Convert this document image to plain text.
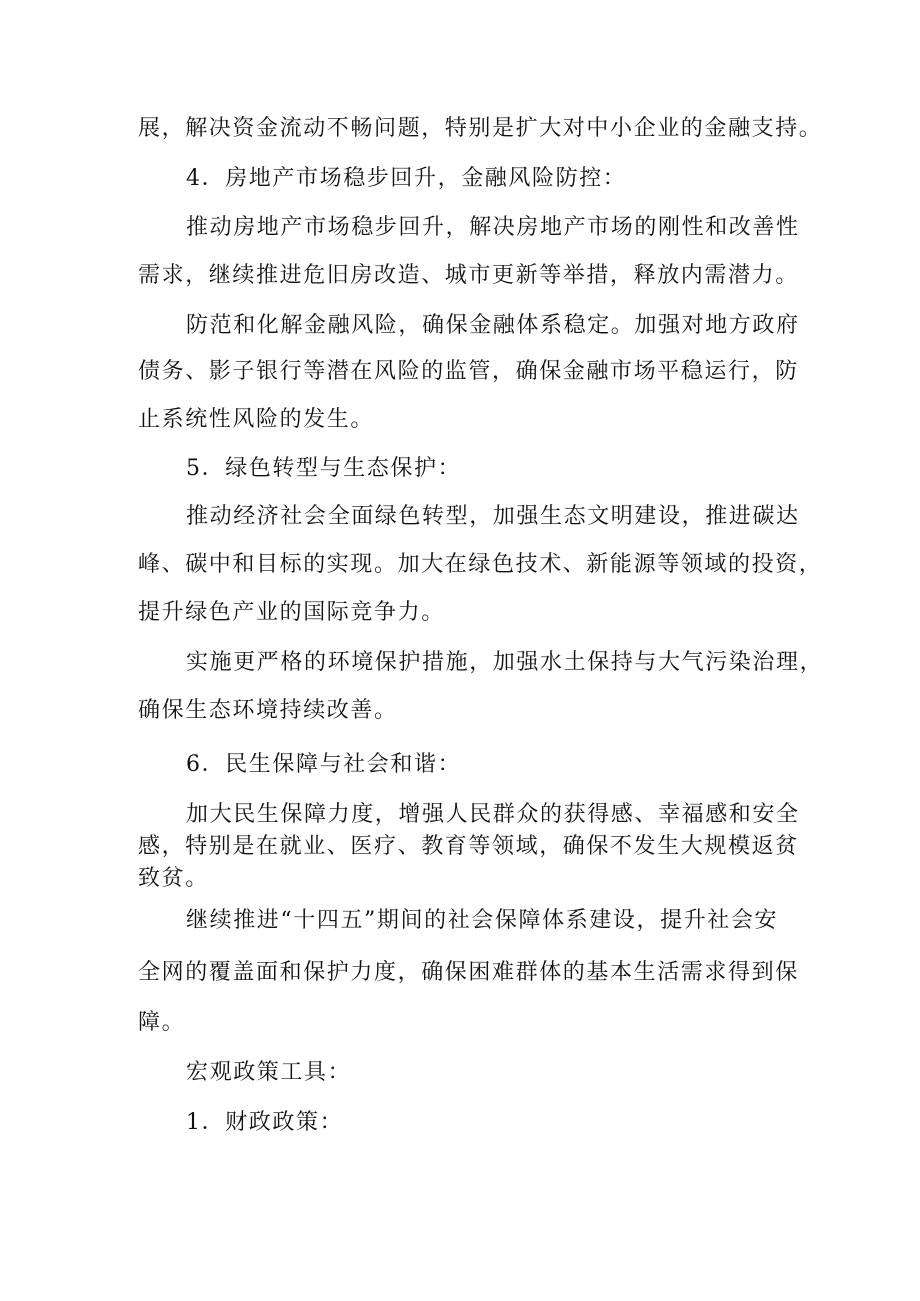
展，解决资金流动不畅问题，特别是扩大对中小企业的金融支持。
4．房地产市场稳步回升，金融风险防控：
推动房地产市场稳步回升，解决房地产市场的刚性和改善性
需求，继续推进危旧房改造、城市更新等举措，释放内需潜力。
防范和化解金融风险，确保金融体系稳定。加强对地方政府
债务、影子银行等潜在风险的监管，确保金融市场平稳运行，防
止系统性风险的发生。
5．绿色转型与生态保护：
推动经济社会全面绿色转型，加强生态文明建设，推进碳达
峰、碳中和目标的实现。加大在绿色技术、新能源等领域的投资，
提升绿色产业的国际竞争力。
实施更严格的环境保护措施，加强水土保持与大气污染治理，
确保生态环境持续改善。
6．民生保障与社会和谐：
加大民生保障力度，增强人民群众的获得感、幸福感和安全
感，特别是在就业、医疗、教育等领域，确保不发生大规模返贫
致贫。
继续推进“十四五”期间的社会保障体系建设，提升社会安
全网的覆盖面和保护力度，确保困难群体的基本生活需求得到保
障。
宏观政策工具：
1．财政政策：
